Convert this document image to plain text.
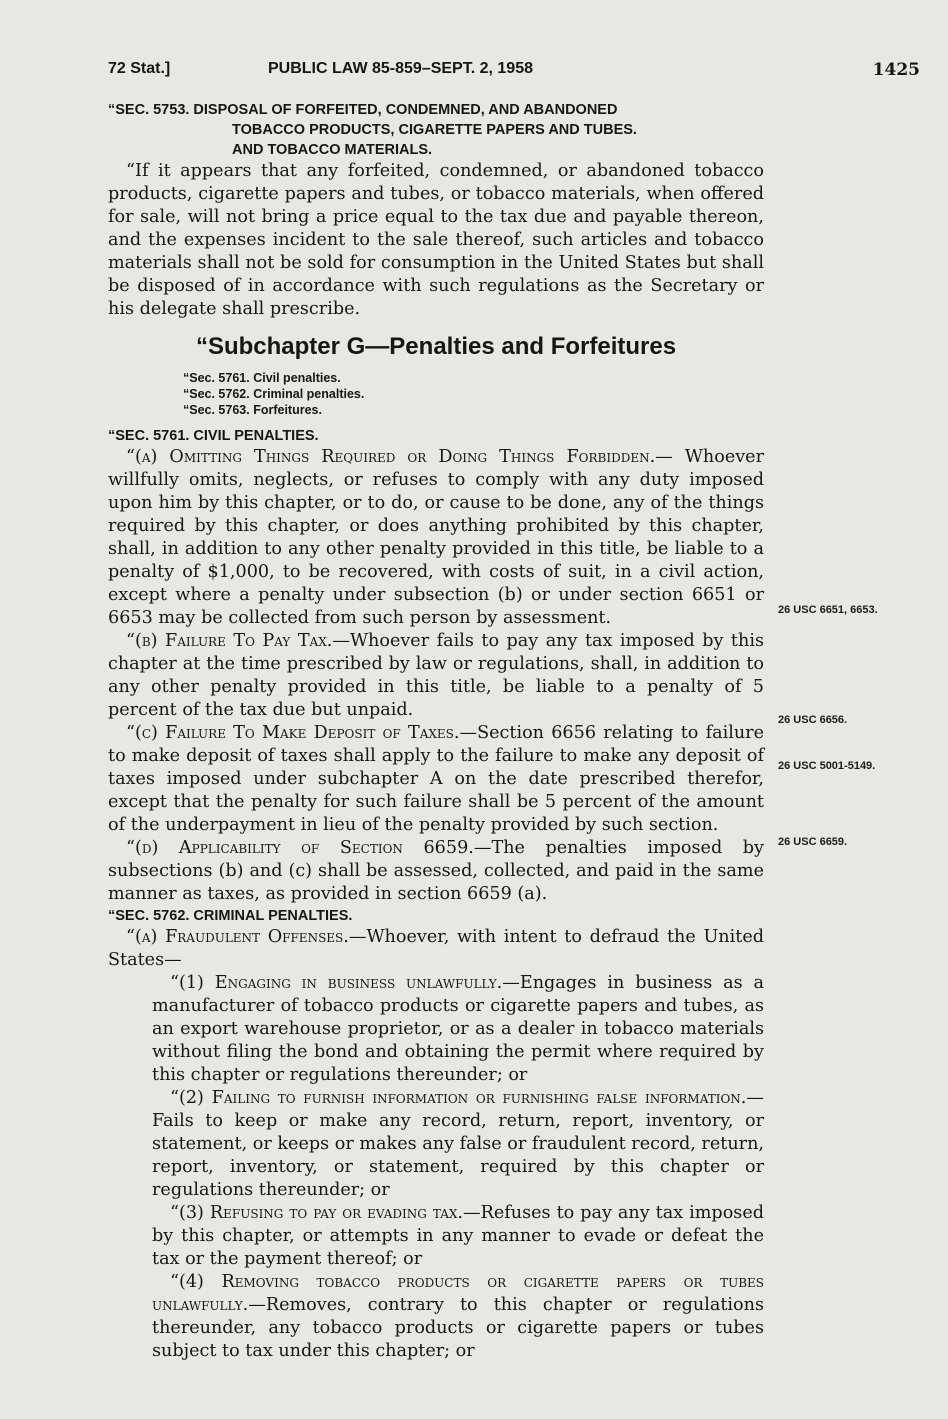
72 Stat.]	PUBLIC LAW 85-859–SEPT. 2, 1958	1425
“SEC. 5753. DISPOSAL OF FORFEITED, CONDEMNED, AND ABANDONED
TOBACCO PRODUCTS, CIGARETTE PAPERS AND TUBES.
AND TOBACCO MATERIALS.

“If it appears that any forfeited, condemned, or abandoned tobacco products, cigarette papers and tubes, or tobacco materials, when offered for sale, will not bring a price equal to the tax due and payable thereon, and the expenses incident to the sale thereof, such articles and tobacco materials shall not be sold for consumption in the United States but shall be disposed of in accordance with such regulations as the Secretary or his delegate shall prescribe.

“Subchapter G—Penalties and Forfeitures
“Sec. 5761. Civil penalties.
“Sec. 5762. Criminal penalties.
“Sec. 5763. Forfeitures.
“SEC. 5761. CIVIL PENALTIES.

“(a) Omitting Things Required or Doing Things Forbidden.— Whoever willfully omits, neglects, or refuses to comply with any duty imposed upon him by this chapter, or to do, or cause to be done, any of the things required by this chapter, or does anything prohibited by this chapter, shall, in addition to any other penalty provided in this title, be liable to a penalty of $1,000, to be recovered, with costs of suit, in a civil action, except where a penalty under subsection (b) or under section 6651 or 6653 may be collected from such person by assessment.

“(b) Failure To Pay Tax.—Whoever fails to pay any tax imposed by this chapter at the time prescribed by law or regulations, shall, in addition to any other penalty provided in this title, be liable to a penalty of 5 percent of the tax due but unpaid.

“(c) Failure To Make Deposit of Taxes.—Section 6656 relating to failure to make deposit of taxes shall apply to the failure to make any deposit of taxes imposed under subchapter A on the date prescribed therefor, except that the penalty for such failure shall be 5 percent of the amount of the underpayment in lieu of the penalty provided by such section.

“(d) Applicability of Section 6659.—The penalties imposed by subsections (b) and (c) shall be assessed, collected, and paid in the same manner as taxes, as provided in section 6659 (a).

“SEC. 5762. CRIMINAL PENALTIES.

“(a) Fraudulent Offenses.—Whoever, with intent to defraud the United States—

“(1) Engaging in business unlawfully.—Engages in business as a manufacturer of tobacco products or cigarette papers and tubes, as an export warehouse proprietor, or as a dealer in tobacco materials without filing the bond and obtaining the permit where required by this chapter or regulations thereunder; or

“(2) Failing to furnish information or furnishing false information.—Fails to keep or make any record, return, report, inventory, or statement, or keeps or makes any false or fraudulent record, return, report, inventory, or statement, required by this chapter or regulations thereunder; or

“(3) Refusing to pay or evading tax.—Refuses to pay any tax imposed by this chapter, or attempts in any manner to evade or defeat the tax or the payment thereof; or

“(4) Removing tobacco products or cigarette papers or tubes unlawfully.—Removes, contrary to this chapter or regulations thereunder, any tobacco products or cigarette papers or tubes subject to tax under this chapter; or

26 USC 6651, 6653.
26 USC 6656.
26 USC 5001-5149.
26 USC 6659.
